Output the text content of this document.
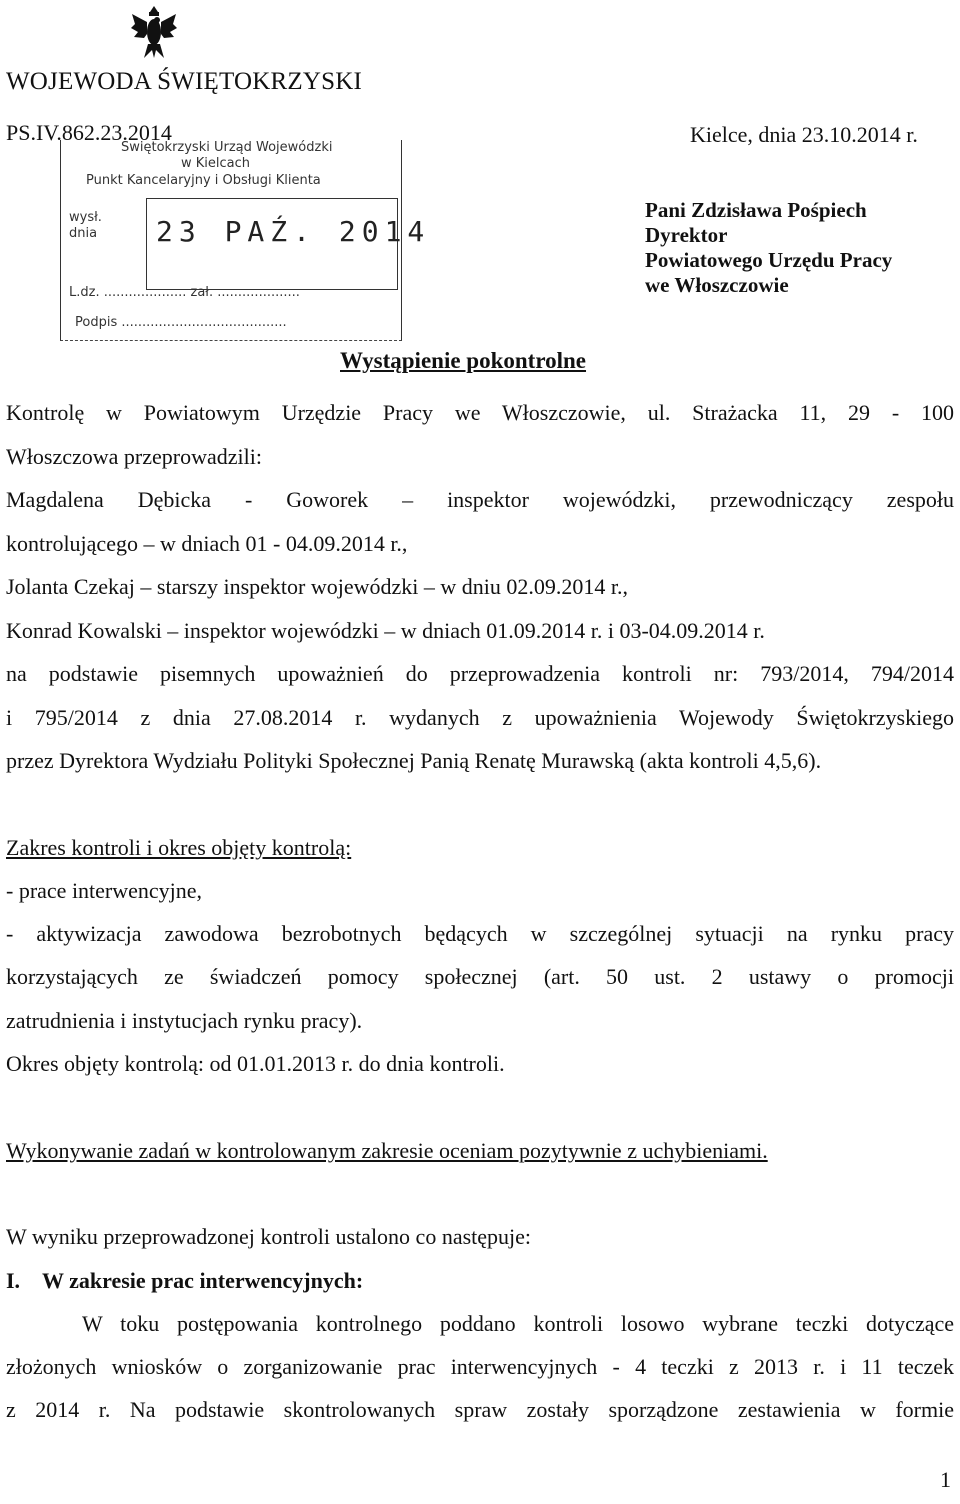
WOJEWODA ŚWIĘTOKRZYSKI
PS.IV.862.23.2014	Kielce, dnia 23.10.2014 r.
Świętokrzyski Urząd Wojewódzki
w Kielcach
Punkt Kancelaryjny i Obsługi Klienta
wysł.
dnia 23 PAŹ. 2014
L.dz. .................... zał. ....................
Podpis ........................................
Pani Zdzisława Pośpiech
Dyrektor
Powiatowego Urzędu Pracy
we Włoszczowie
Wystąpienie pokontrolne
Kontrolę w Powiatowym Urzędzie Pracy we Włoszczowie, ul. Strażacka 11, 29 - 100
Włoszczowa przeprowadzili:
Magdalena Dębicka - Goworek – inspektor wojewódzki, przewodniczący zespołu
kontrolującego – w dniach 01 - 04.09.2014 r.,
Jolanta Czekaj – starszy inspektor wojewódzki – w dniu 02.09.2014 r.,
Konrad Kowalski – inspektor wojewódzki – w dniach 01.09.2014 r. i 03-04.09.2014 r.
na podstawie pisemnych upoważnień do przeprowadzenia kontroli nr: 793/2014, 794/2014
i 795/2014 z dnia 27.08.2014 r. wydanych z upoważnienia Wojewody Świętokrzyskiego
przez Dyrektora Wydziału Polityki Społecznej Panią Renatę Murawską (akta kontroli 4,5,6).
Zakres kontroli i okres objęty kontrolą:
- prace interwencyjne,
- aktywizacja zawodowa bezrobotnych będących w szczególnej sytuacji na rynku pracy
korzystających ze świadczeń pomocy społecznej (art. 50 ust. 2 ustawy o promocji
zatrudnienia i instytucjach rynku pracy).
Okres objęty kontrolą: od 01.01.2013 r. do dnia kontroli.
Wykonywanie zadań w kontrolowanym zakresie oceniam pozytywnie z uchybieniami.
W wyniku przeprowadzonej kontroli ustalono co następuje:
I. W zakresie prac interwencyjnych:
W toku postępowania kontrolnego poddano kontroli losowo wybrane teczki dotyczące
złożonych wniosków o zorganizowanie prac interwencyjnych - 4 teczki z 2013 r. i 11 teczek
z 2014 r. Na podstawie skontrolowanych spraw zostały sporządzone zestawienia w formie
1
